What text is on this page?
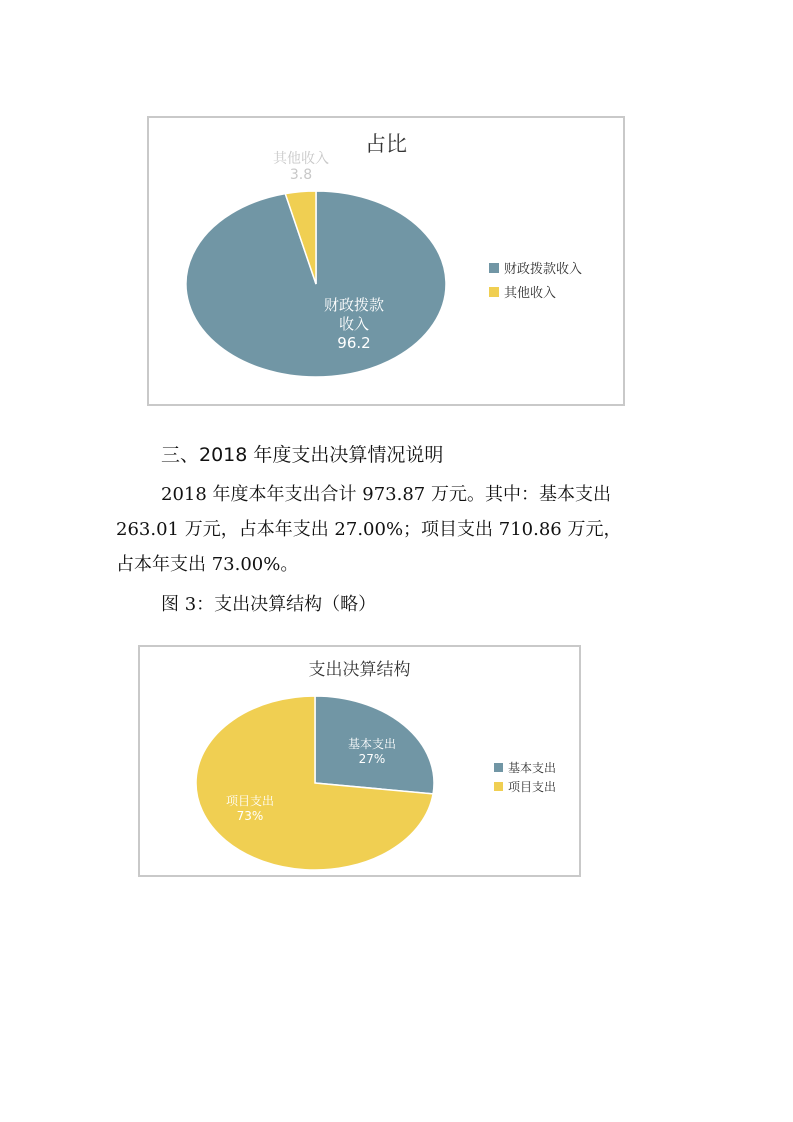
占比
财政拨款
收入
96.2
其他收入
3.8
财政拨款收入
其他收入
三、2018 年度支出决算情况说明
2018 年度本年支出合计 973.87 万元。其中：基本支出
263.01 万元，占本年支出 27.00%；项目支出 710.86 万元，
占本年支出 73.00%。
图 3：支出决算结构（略）
支出决算结构
基本支出
27%
项目支出
73%
基本支出
项目支出
